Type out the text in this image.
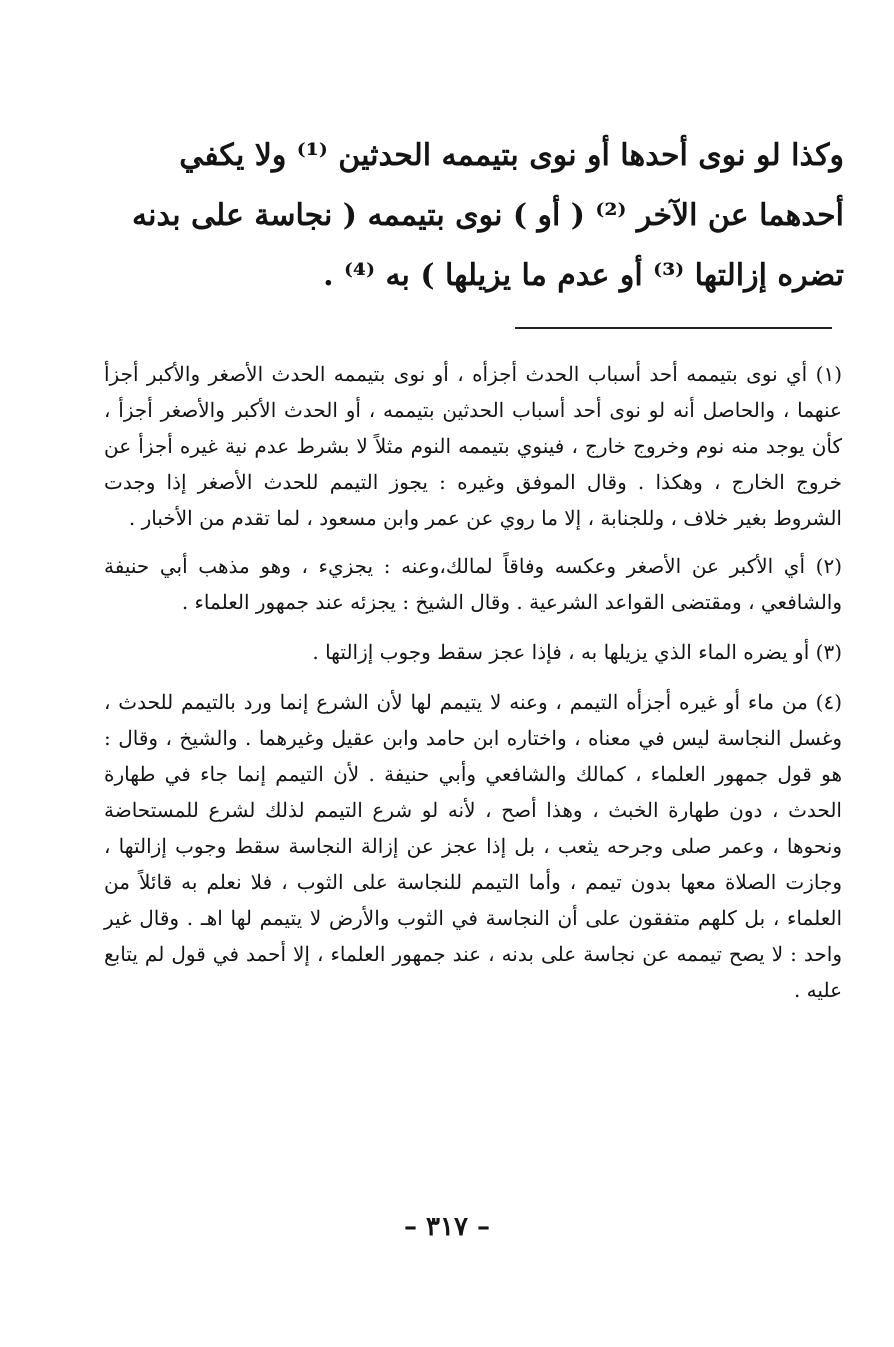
وكذا لو نوى أحدها أو نوى بتيممه الحدثين ⁽¹⁾ ولا يكفي

أحدهما عن الآخر ⁽²⁾ ( أو ) نوى بتيممه ( نجاسة على بدنه

تضره إزالتها ⁽³⁾ أو عدم ما يزيلها ) به ⁽⁴⁾ .

(١) أي نوى بتيممه أحد أسباب الحدث أجزأه ، أو نوى بتيممه الحدث الأصغر والأكبر أجزأ عنهما ، والحاصل أنه لو نوى أحد أسباب الحدثين بتيممه ، أو الحدث الأكبر والأصغر أجزأ ، كأن يوجد منه نوم وخروج خارج ، فينوي بتيممه النوم مثلاً لا بشرط عدم نية غيره أجزأ عن خروج الخارج ، وهكذا . وقال الموفق وغيره : يجوز التيمم للحدث الأصغر إذا وجدت الشروط بغير خلاف ، وللجنابة ، إلا ما روي عن عمر وابن مسعود ، لما تقدم من الأخبار .

(٢) أي الأكبر عن الأصغر وعكسه وفاقاً لمالك،وعنه : يجزيء ، وهو مذهب أبي حنيفة والشافعي ، ومقتضى القواعد الشرعية . وقال الشيخ : يجزئه عند جمهور العلماء .

(٣) أو يضره الماء الذي يزيلها به ، فإذا عجز سقط وجوب إزالتها .

(٤) من ماء أو غيره أجزأه التيمم ، وعنه لا يتيمم لها لأن الشرع إنما ورد بالتيمم للحدث ، وغسل النجاسة ليس في معناه ، واختاره ابن حامد وابن عقيل وغيرهما . والشيخ ، وقال : هو قول جمهور العلماء ، كمالك والشافعي وأبي حنيفة . لأن التيمم إنما جاء في طهارة الحدث ، دون طهارة الخبث ، وهذا أصح ، لأنه لو شرع التيمم لذلك لشرع للمستحاضة ونحوها ، وعمر صلى وجرحه يثعب ، بل إذا عجز عن إزالة النجاسة سقط وجوب إزالتها ، وجازت الصلاة معها بدون تيمم ، وأما التيمم للنجاسة على الثوب ، فلا نعلم به قائلاً من العلماء ، بل كلهم متفقون على أن النجاسة في الثوب والأرض لا يتيمم لها اهـ . وقال غير واحد : لا يصح تيممه عن نجاسة على بدنه ، عند جمهور العلماء ، إلا أحمد في قول لم يتابع عليه .

– ٣١٧ –
